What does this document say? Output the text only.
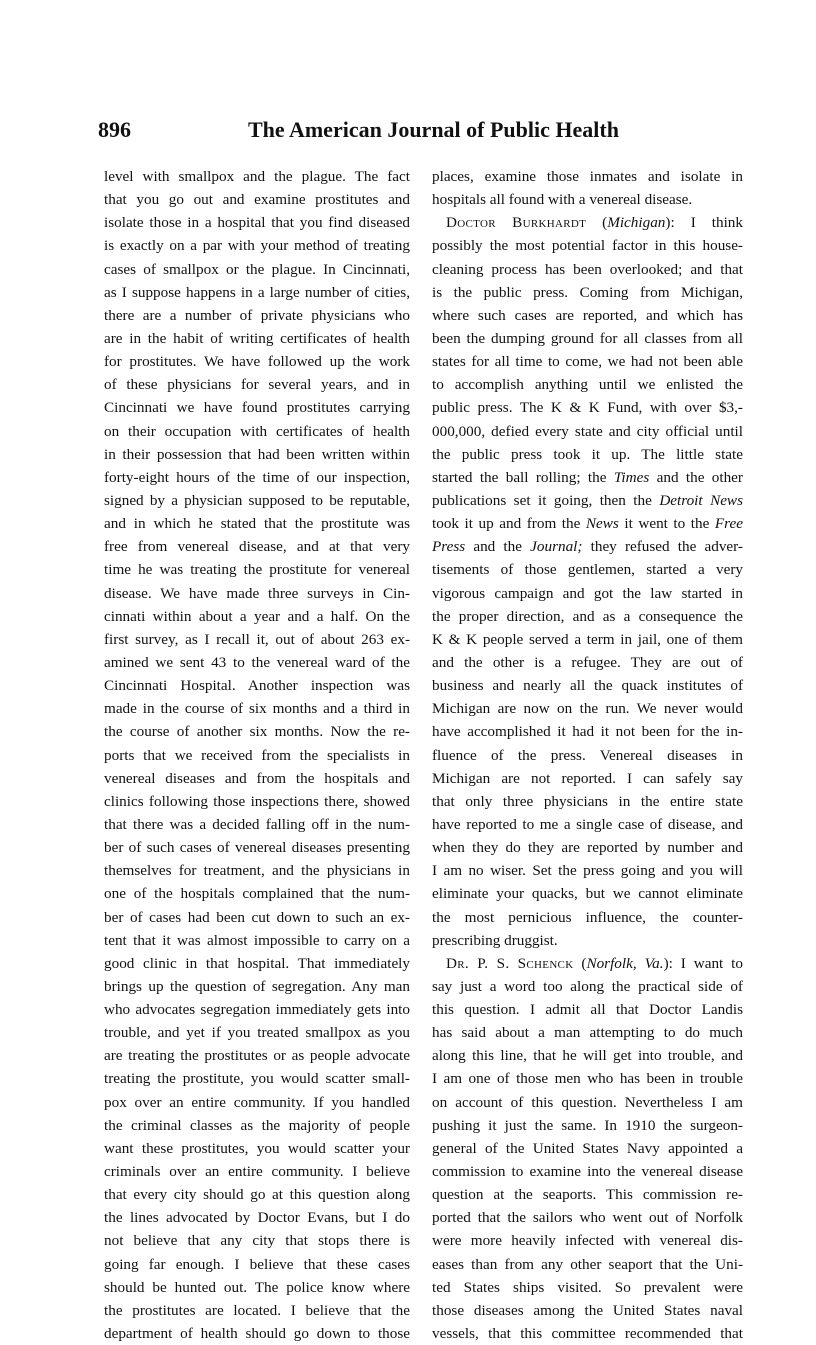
896	The American Journal of Public Health
level with smallpox and the plague. The fact
that you go out and examine prostitutes and
isolate those in a hospital that you find diseased
is exactly on a par with your method of treating
cases of smallpox or the plague. In Cincinnati,
as I suppose happens in a large number of cities,
there are a number of private physicians who
are in the habit of writing certificates of health
for prostitutes. We have followed up the work
of these physicians for several years, and in
Cincinnati we have found prostitutes carrying
on their occupation with certificates of health
in their possession that had been written within
forty-eight hours of the time of our inspection,
signed by a physician supposed to be reputable,
and in which he stated that the prostitute was
free from venereal disease, and at that very
time he was treating the prostitute for venereal
disease. We have made three surveys in Cin-
cinnati within about a year and a half. On the
first survey, as I recall it, out of about 263 ex-
amined we sent 43 to the venereal ward of the
Cincinnati Hospital. Another inspection was
made in the course of six months and a third in
the course of another six months. Now the re-
ports that we received from the specialists in
venereal diseases and from the hospitals and
clinics following those inspections there, showed
that there was a decided falling off in the num-
ber of such cases of venereal diseases presenting
themselves for treatment, and the physicians in
one of the hospitals complained that the num-
ber of cases had been cut down to such an ex-
tent that it was almost impossible to carry on a
good clinic in that hospital. That immediately
brings up the question of segregation. Any man
who advocates segregation immediately gets into
trouble, and yet if you treated smallpox as you
are treating the prostitutes or as people advocate
treating the prostitute, you would scatter small-
pox over an entire community. If you handled
the criminal classes as the majority of people
want these prostitutes, you would scatter your
criminals over an entire community. I believe
that every city should go at this question along
the lines advocated by Doctor Evans, but I do
not believe that any city that stops there is
going far enough. I believe that these cases
should be hunted out. The police know where
the prostitutes are located. I believe that the
department of health should go down to those
places, examine those inmates and isolate in
hospitals all found with a venereal disease.
Doctor Burkhardt (Michigan): I think
possibly the most potential factor in this house-
cleaning process has been overlooked; and that
is the public press. Coming from Michigan,
where such cases are reported, and which has
been the dumping ground for all classes from all
states for all time to come, we had not been able
to accomplish anything until we enlisted the
public press. The K & K Fund, with over $3,-
000,000, defied every state and city official until
the public press took it up. The little state
started the ball rolling; the Times and the other
publications set it going, then the Detroit News
took it up and from the News it went to the Free
Press and the Journal; they refused the adver-
tisements of those gentlemen, started a very
vigorous campaign and got the law started in
the proper direction, and as a consequence the
K & K people served a term in jail, one of them
and the other is a refugee. They are out of
business and nearly all the quack institutes of
Michigan are now on the run. We never would
have accomplished it had it not been for the in-
fluence of the press. Venereal diseases in
Michigan are not reported. I can safely say
that only three physicians in the entire state
have reported to me a single case of disease, and
when they do they are reported by number and
I am no wiser. Set the press going and you will
eliminate your quacks, but we cannot eliminate
the most pernicious influence, the counter-
prescribing druggist.
Dr. P. S. Schenck (Norfolk, Va.): I want to
say just a word too along the practical side of
this question. I admit all that Doctor Landis
has said about a man attempting to do much
along this line, that he will get into trouble, and
I am one of those men who has been in trouble
on account of this question. Nevertheless I am
pushing it just the same. In 1910 the surgeon-
general of the United States Navy appointed a
commission to examine into the venereal disease
question at the seaports. This commission re-
ported that the sailors who went out of Norfolk
were more heavily infected with venereal dis-
eases than from any other seaport that the Uni-
ted States ships visited. So prevalent were
those diseases among the United States naval
vessels, that this committee recommended that
